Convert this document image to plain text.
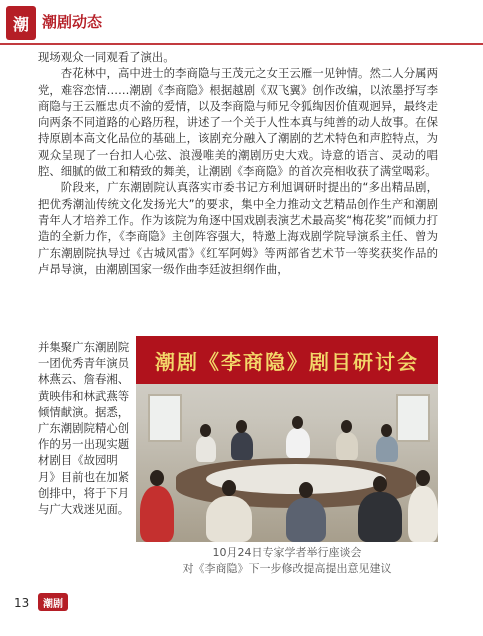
潮 潮剧动态

现场观众一同观看了演出。

杏花林中，高中进士的李商隐与王茂元之女王云雁一见钟情。然二人分属两党，难容恋情……潮剧《李商隐》根据越剧《双飞翼》创作改编，以浓墨抒写李商隐与王云雁忠贞不渝的爱情，以及李商隐与师兄令狐绹因价值观迥异，最终走向两条不同道路的心路历程，讲述了一个关于人性本真与纯善的动人故事。在保持原剧本高文化品位的基础上，该剧充分融入了潮剧的艺术特色和声腔特点，为观众呈现了一台扣人心弦、浪漫唯美的潮剧历史大戏。诗意的语言、灵动的唱腔、细腻的做工和精致的舞美，让潮剧《李商隐》的首次亮相收获了满堂喝彩。

阶段来，广东潮剧院认真落实市委书记方利旭调研时提出的“多出精品剧，把优秀潮汕传统文化发扬光大”的要求，集中全力推动文艺精品创作生产和潮剧青年人才培养工作。作为该院为角逐中国戏剧表演艺术最高奖“梅花奖”而倾力打造的全新力作，《李商隐》主创阵容强大，特邀上海戏剧学院导演系主任、曾为广东潮剧院执导过《古城风雷》《红军阿姆》等两部省艺术节一等奖获奖作品的卢昂导演，由潮剧国家一级作曲李廷波担纲作曲，

并集聚广东潮剧院一团优秀青年演员林燕云、詹春湘、黄映伟和林武燕等倾情献演。据悉，广东潮剧院精心创作的另一出现实题材剧目《故园明月》目前也在加紧创排中，将于下月与广大戏迷见面。
潮剧《李商隐》剧目研讨会
10月24日专家学者举行座谈会
对《李商隐》下一步修改提高提出意见建议
13	潮剧
